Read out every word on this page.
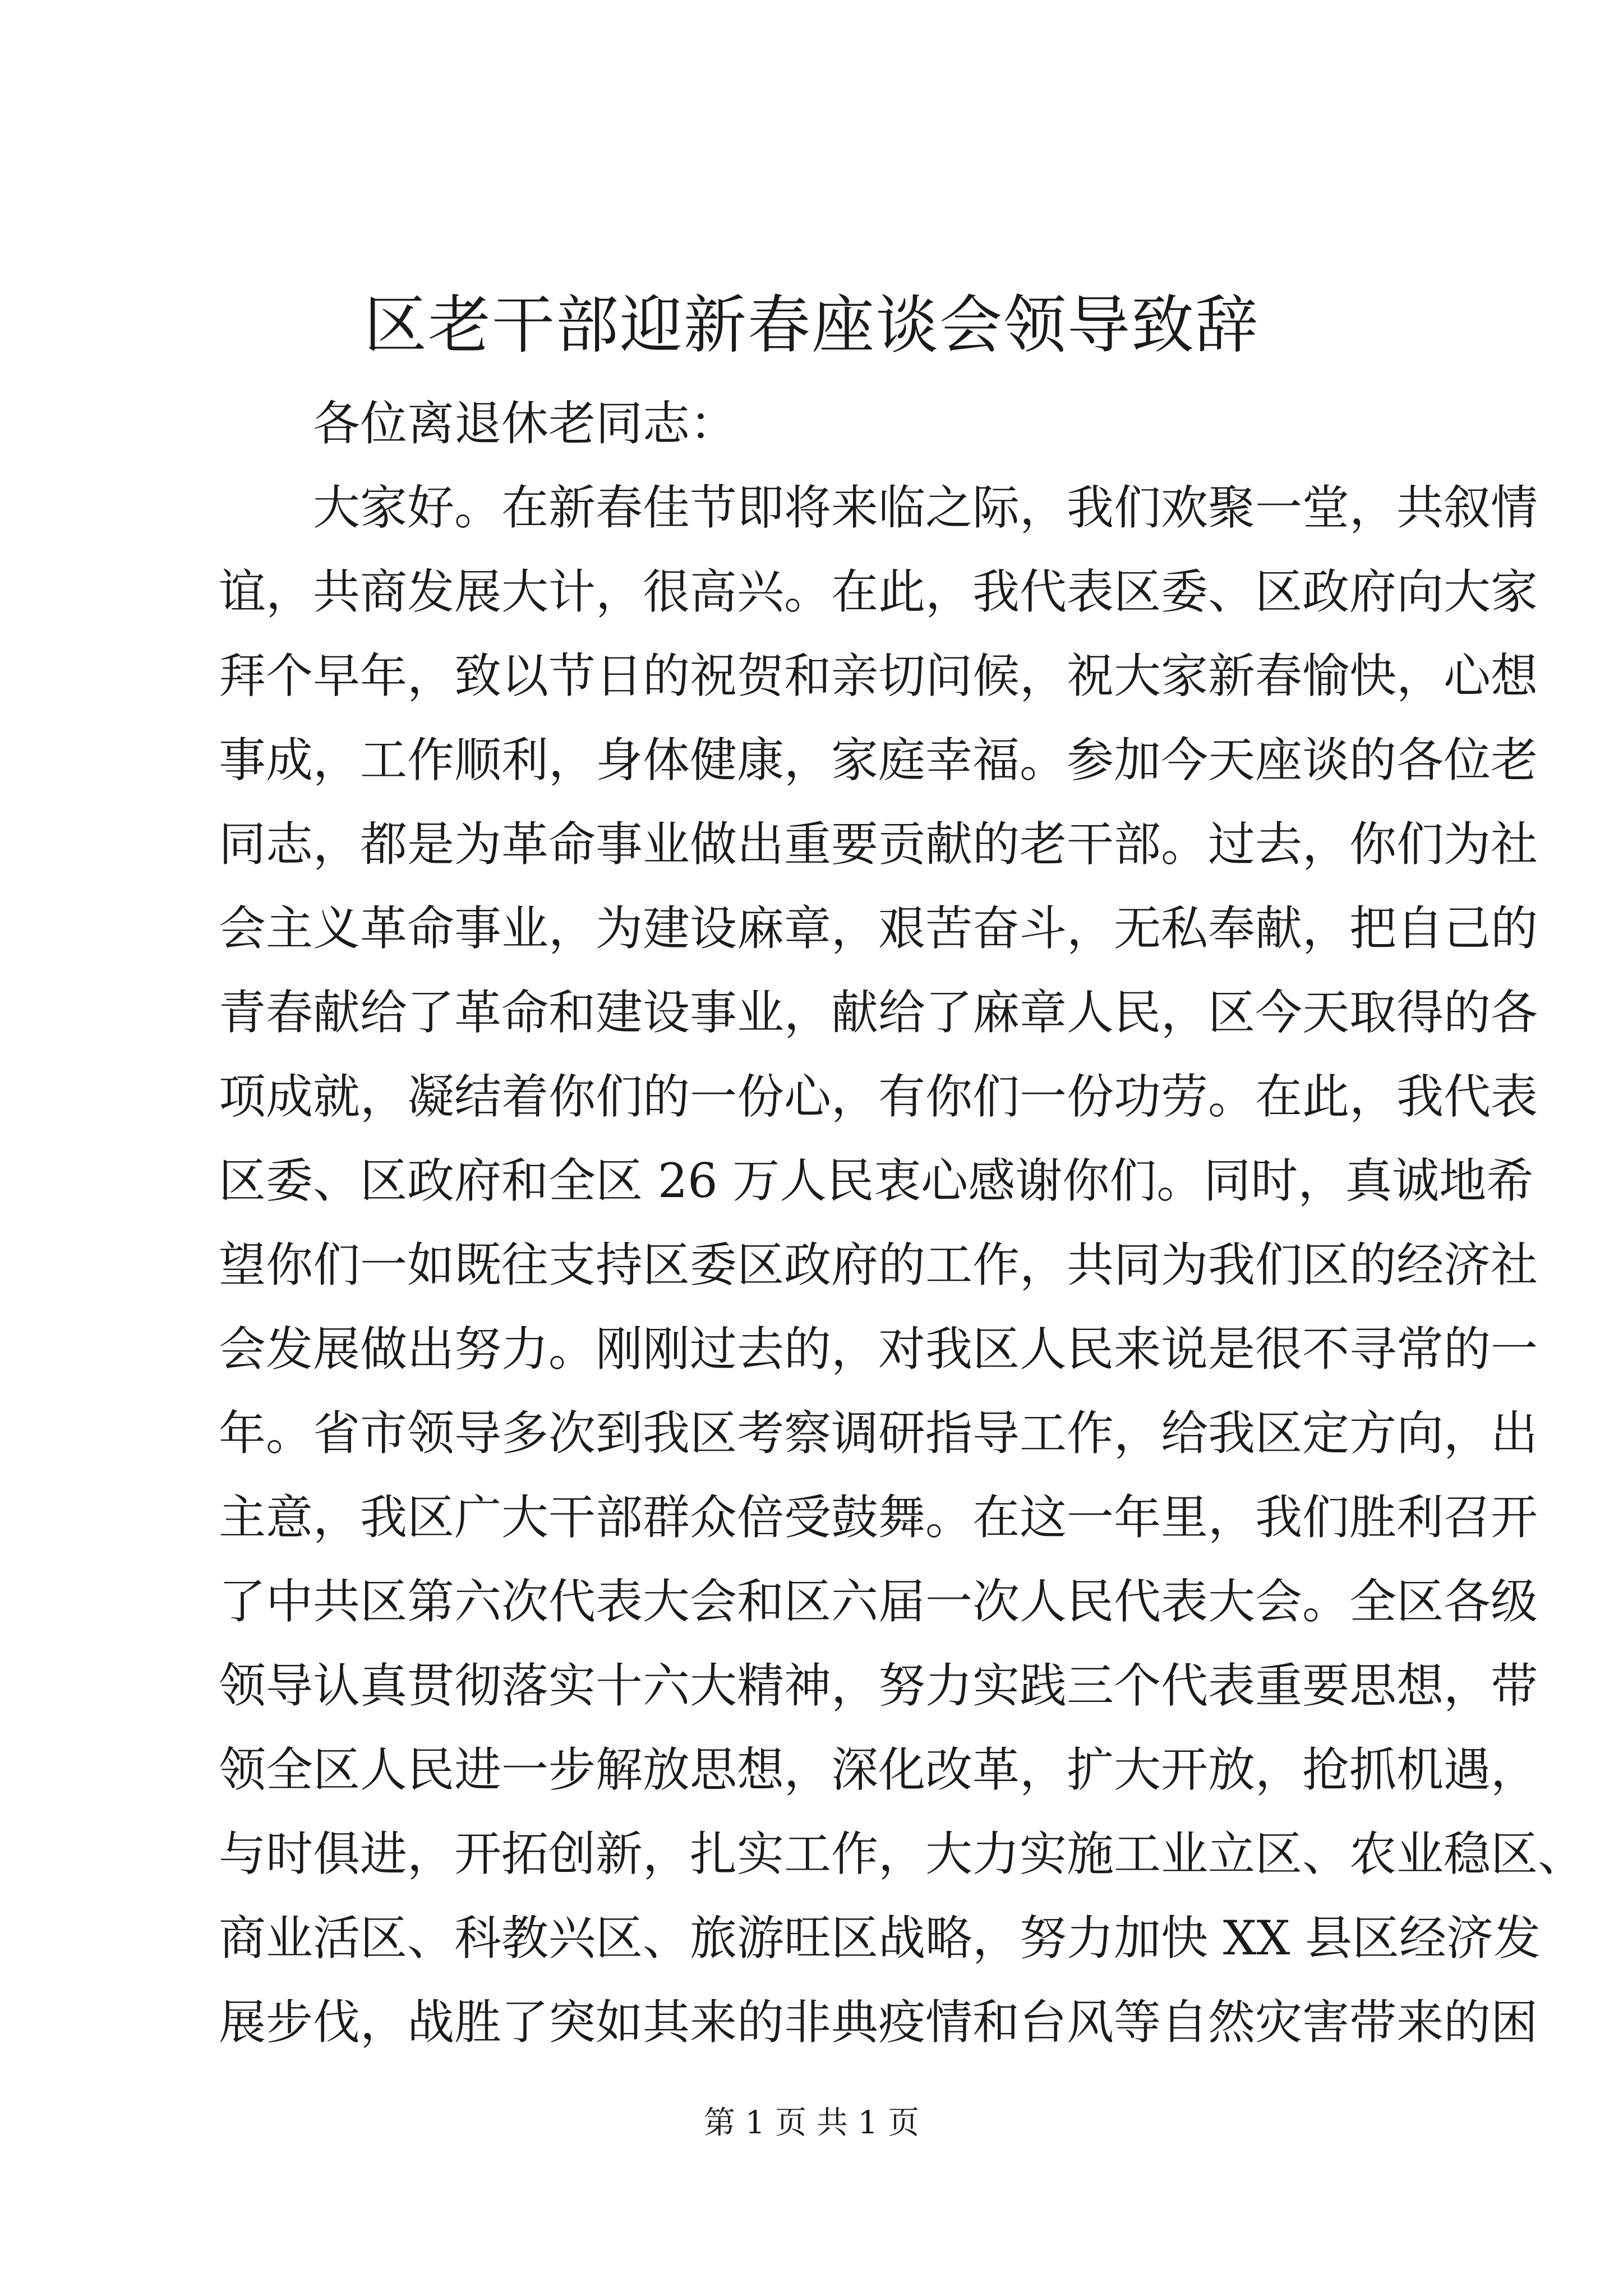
区老干部迎新春座谈会领导致辞
各位离退休老同志：
大家好。在新春佳节即将来临之际，我们欢聚一堂，共叙情
谊，共商发展大计，很高兴。在此，我代表区委、区政府向大家
拜个早年，致以节日的祝贺和亲切问候，祝大家新春愉快，心想
事成，工作顺利，身体健康，家庭幸福。参加今天座谈的各位老
同志，都是为革命事业做出重要贡献的老干部。过去，你们为社
会主义革命事业，为建设麻章，艰苦奋斗，无私奉献，把自己的
青春献给了革命和建设事业，献给了麻章人民，区今天取得的各
项成就，凝结着你们的一份心，有你们一份功劳。在此，我代表
区委、区政府和全区 26 万人民衷心感谢你们。同时，真诚地希
望你们一如既往支持区委区政府的工作，共同为我们区的经济社
会发展做出努力。刚刚过去的，对我区人民来说是很不寻常的一
年。省市领导多次到我区考察调研指导工作，给我区定方向，出
主意，我区广大干部群众倍受鼓舞。在这一年里，我们胜利召开
了中共区第六次代表大会和区六届一次人民代表大会。全区各级
领导认真贯彻落实十六大精神，努力实践三个代表重要思想，带
领全区人民进一步解放思想，深化改革，扩大开放，抢抓机遇，
与时俱进，开拓创新，扎实工作，大力实施工业立区、农业稳区、
商业活区、科教兴区、旅游旺区战略，努力加快 XX 县区经济发
展步伐，战胜了突如其来的非典疫情和台风等自然灾害带来的困
第 1 页 共 1 页
